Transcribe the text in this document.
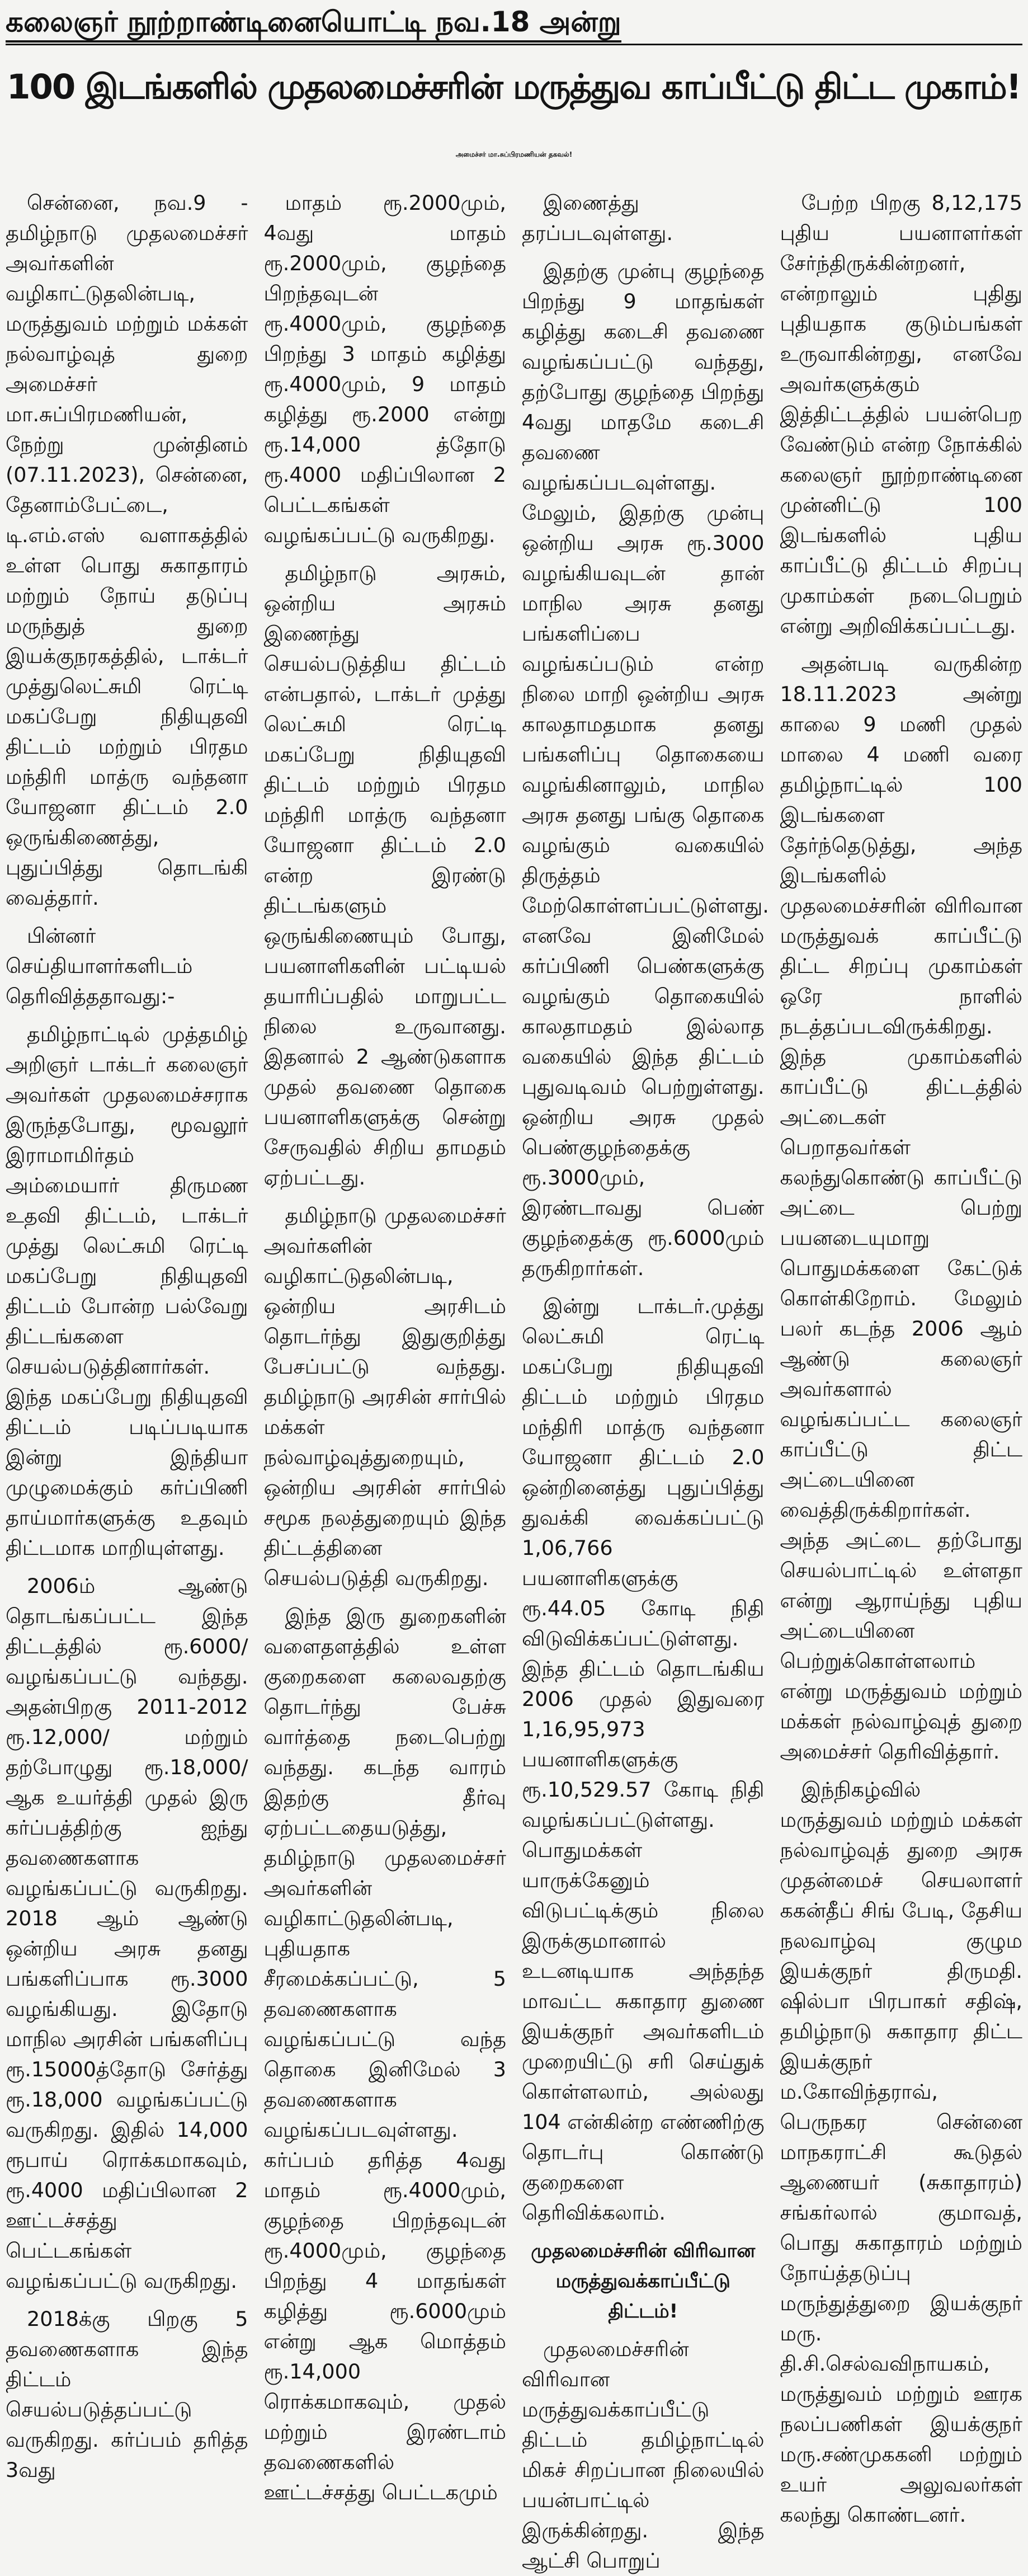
கலைஞர் நூற்றாண்டினையொட்டி நவ.18 அன்று
100 இடங்களில் முதலமைச்சரின் மருத்துவ காப்பீட்டு திட்ட முகாம்!
அமைச்சர் மா.சுப்பிரமணியன் தகவல்!

சென்னை, நவ.9 - தமிழ்நாடு முதலமைச்சர் அவர்களின் வழிகாட்டுதலின்படி, மருத்துவம் மற்றும் மக்கள் நல்வாழ்வுத் துறை அமைச்சர் மா.சுப்பிரமணியன், நேற்று முன்தினம் (07.11.2023), சென்னை, தேனாம்பேட்டை, டி.எம்.எஸ் வளாகத்தில் உள்ள பொது சுகாதாரம் மற்றும் நோய் தடுப்பு மருந்துத் துறை இயக்குநரகத்தில், டாக்டர் முத்துலெட்சுமி ரெட்டி மகப்பேறு நிதியுதவி திட்டம் மற்றும் பிரதம மந்திரி மாத்ரு வந்தனா யோஜனா திட்டம் 2.0 ஒருங்கிணைத்து, புதுப்பித்து தொடங்கி வைத்தார்.

பின்னர் செய்தியாளர்களிடம் தெரிவித்ததாவது:-

தமிழ்நாட்டில் முத்தமிழ் அறிஞர் டாக்டர் கலைஞர் அவர்கள் முதலமைச்சராக இருந்தபோது, மூவலூர் இராமாமிர்தம் அம்மையார் திருமண உதவி திட்டம், டாக்டர் முத்து லெட்சுமி ரெட்டி மகப்பேறு நிதியுதவி திட்டம் போன்ற பல்வேறு திட்டங்களை செயல்படுத்தினார்கள். இந்த மகப்பேறு நிதியுதவி திட்டம் படிப்படியாக இன்று இந்தியா முழுமைக்கும் கர்ப்பிணி தாய்மார்களுக்கு உதவும் திட்டமாக மாறியுள்ளது.

2006ம் ஆண்டு தொடங்கப்பட்ட இந்த திட்டத்தில் ரூ.6000/ வழங்கப்பட்டு வந்தது. அதன்பிறகு 2011-2012 ரூ.12,000/ மற்றும் தற்போழுது ரூ.18,000/ ஆக உயர்த்தி முதல் இரு கர்ப்பத்திற்கு ஐந்து தவணைகளாக வழங்கப்பட்டு வருகிறது. 2018 ஆம் ஆண்டு ஒன்றிய அரசு தனது பங்களிப்பாக ரூ.3000 வழங்கியது. இதோடு மாநில அரசின் பங்களிப்பு ரூ.15000த்தோடு சேர்த்து ரூ.18,000 வழங்கப்பட்டு வருகிறது. இதில் 14,000 ரூபாய் ரொக்கமாகவும், ரூ.4000 மதிப்பிலான 2 ஊட்டச்சத்து பெட்டகங்கள் வழங்கப்பட்டு வருகிறது.

2018க்கு பிறகு 5 தவணைகளாக இந்த திட்டம் செயல்படுத்தப்பட்டு வருகிறது. கர்ப்பம் தரித்த 3வது

மாதம் ரூ.2000மும், 4வது மாதம் ரூ.2000மும், குழந்தை பிறந்தவுடன் ரூ.4000மும், குழந்தை பிறந்து 3 மாதம் கழித்து ரூ.4000மும், 9 மாதம் கழித்து ரூ.2000 என்று ரூ.14,000 த்தோடு ரூ.4000 மதிப்பிலான 2 பெட்டகங்கள் வழங்கப்பட்டு வருகிறது.

தமிழ்நாடு அரசும், ஒன்றிய அரசும் இணைந்து செயல்படுத்திய திட்டம் என்பதால், டாக்டர் முத்து லெட்சுமி ரெட்டி மகப்பேறு நிதியுதவி திட்டம் மற்றும் பிரதம மந்திரி மாத்ரு வந்தனா யோஜனா திட்டம் 2.0 என்ற இரண்டு திட்டங்களும் ஒருங்கிணையும் போது, பயனாளிகளின் பட்டியல் தயாரிப்பதில் மாறுபட்ட நிலை உருவானது. இதனால் 2 ஆண்டுகளாக முதல் தவணை தொகை பயனாளிகளுக்கு சென்று சேருவதில் சிறிய தாமதம் ஏற்பட்டது.

தமிழ்நாடு முதலமைச்சர் அவர்களின் வழிகாட்டுதலின்படி, ஒன்றிய அரசிடம் தொடர்ந்து இதுகுறித்து பேசப்பட்டு வந்தது. தமிழ்நாடு அரசின் சார்பில் மக்கள் நல்வாழ்வுத்துறையும், ஒன்றிய அரசின் சார்பில் சமூக நலத்துறையும் இந்த திட்டத்தினை செயல்படுத்தி வருகிறது.

இந்த இரு துறைகளின் வளைதளத்தில் உள்ள குறைகளை கலைவதற்கு தொடர்ந்து பேச்சு வார்த்தை நடைபெற்று வந்தது. கடந்த வாரம் இதற்கு தீர்வு ஏற்பட்டதையடுத்து, தமிழ்நாடு முதலமைச்சர் அவர்களின் வழிகாட்டுதலின்படி, புதியதாக சீரமைக்கப்பட்டு, 5 தவணைகளாக வழங்கப்பட்டு வந்த தொகை இனிமேல் 3 தவணைகளாக வழங்கப்படவுள்ளது. கர்ப்பம் தரித்த 4வது மாதம் ரூ.4000மும், குழந்தை பிறந்தவுடன் ரூ.4000மும், குழந்தை பிறந்து 4 மாதங்கள் கழித்து ரூ.6000மும் என்று ஆக மொத்தம் ரூ.14,000 ரொக்கமாகவும், முதல் மற்றும் இரண்டாம் தவணைகளில் ஊட்டச்சத்து பெட்டகமும்

இணைத்து தரப்படவுள்ளது.

இதற்கு முன்பு குழந்தை பிறந்து 9 மாதங்கள் கழித்து கடைசி தவணை வழங்கப்பட்டு வந்தது, தற்போது குழந்தை பிறந்து 4வது மாதமே கடைசி தவணை வழங்கப்படவுள்ளது. மேலும், இதற்கு முன்பு ஒன்றிய அரசு ரூ.3000 வழங்கியவுடன் தான் மாநில அரசு தனது பங்களிப்பை வழங்கப்படும் என்ற நிலை மாறி ஒன்றிய அரசு காலதாமதமாக தனது பங்களிப்பு தொகையை வழங்கினாலும், மாநில அரசு தனது பங்கு தொகை வழங்கும் வகையில் திருத்தம் மேற்கொள்ளப்பட்டுள்ளது. எனவே இனிமேல் கர்ப்பிணி பெண்களுக்கு வழங்கும் தொகையில் காலதாமதம் இல்லாத வகையில் இந்த திட்டம் புதுவடிவம் பெற்றுள்ளது. ஒன்றிய அரசு முதல் பெண்குழந்தைக்கு ரூ.3000மும், இரண்டாவது பெண் குழந்தைக்கு ரூ.6000மும் தருகிறார்கள்.

இன்று டாக்டர்.முத்து லெட்சுமி ரெட்டி மகப்பேறு நிதியுதவி திட்டம் மற்றும் பிரதம மந்திரி மாத்ரு வந்தனா யோஜனா திட்டம் 2.0 ஒன்றினைத்து புதுப்பித்து துவக்கி வைக்கப்பட்டு 1,06,766 பயனாளிகளுக்கு ரூ.44.05 கோடி நிதி விடுவிக்கப்பட்டுள்ளது. இந்த திட்டம் தொடங்கிய 2006 முதல் இதுவரை 1,16,95,973 பயனாளிகளுக்கு ரூ.10,529.57 கோடி நிதி வழங்கப்பட்டுள்ளது. பொதுமக்கள் யாருக்கேனும் விடுபட்டிக்கும் நிலை இருக்குமானால் உடனடியாக அந்தந்த மாவட்ட சுகாதார துணை இயக்குநர் அவர்களிடம் முறையிட்டு சரி செய்துக் கொள்ளலாம், அல்லது 104 என்கின்ற எண்ணிற்கு தொடர்பு கொண்டு குறைகளை தெரிவிக்கலாம்.

முதலமைச்சரின் விரிவான மருத்துவக்காப்பீட்டு திட்டம்!

முதலமைச்சரின் விரிவான மருத்துவக்காப்பீட்டு திட்டம் தமிழ்நாட்டில் மிகச் சிறப்பான நிலையில் பயன்பாட்டில் இருக்கின்றது. இந்த ஆட்சி பொறுப்

பேற்ற பிறகு 8,12,175 புதிய பயனாளர்கள் சேர்ந்திருக்கின்றனர், என்றாலும் புதிது புதியதாக குடும்பங்கள் உருவாகின்றது, எனவே அவர்களுக்கும் இத்திட்டத்தில் பயன்பெற வேண்டும் என்ற நோக்கில் கலைஞர் நூற்றாண்டினை முன்னிட்டு 100 இடங்களில் புதிய காப்பீட்டு திட்டம் சிறப்பு முகாம்கள் நடைபெறும் என்று அறிவிக்கப்பட்டது.

அதன்படி வருகின்ற 18.11.2023 அன்று காலை 9 மணி முதல் மாலை 4 மணி வரை தமிழ்நாட்டில் 100 இடங்களை தேர்ந்தெடுத்து, அந்த இடங்களில் முதலமைச்சரின் விரிவான மருத்துவக் காப்பீட்டு திட்ட சிறப்பு முகாம்கள் ஒரே நாளில் நடத்தப்படவிருக்கிறது. இந்த முகாம்களில் காப்பீட்டு திட்டத்தில் அட்டைகள் பெறாதவர்கள் கலந்துகொண்டு காப்பீட்டு அட்டை பெற்று பயனடையுமாறு பொதுமக்களை கேட்டுக் கொள்கிறோம். மேலும் பலர் கடந்த 2006 ஆம் ஆண்டு கலைஞர் அவர்களால் வழங்கப்பட்ட கலைஞர் காப்பீட்டு திட்ட அட்டையினை வைத்திருக்கிறார்கள். அந்த அட்டை தற்போது செயல்பாட்டில் உள்ளதா என்று ஆராய்ந்து புதிய அட்டையினை பெற்றுக்கொள்ளலாம் என்று மருத்துவம் மற்றும் மக்கள் நல்வாழ்வுத் துறை அமைச்சர் தெரிவித்தார்.

இந்நிகழ்வில் மருத்துவம் மற்றும் மக்கள் நல்வாழ்வுத் துறை அரசு முதன்மைச் செயலாளர் ககன்தீப் சிங் பேடி, தேசிய நலவாழ்வு குழும இயக்குநர் திருமதி. ஷில்பா பிரபாகர் சதிஷ், தமிழ்நாடு சுகாதார திட்ட இயக்குநர் ம.கோவிந்தராவ், பெருநகர சென்னை மாநகராட்சி கூடுதல் ஆணையர் (சுகாதாரம்) சங்கர்லால் குமாவத், பொது சுகாதாரம் மற்றும் நோய்த்தடுப்பு மருந்துத்துறை இயக்குநர் மரு. தி.சி.செல்வவிநாயகம், மருத்துவம் மற்றும் ஊரக நலப்பணிகள் இயக்குநர் மரு.சண்முககனி மற்றும் உயர் அலுவலர்கள் கலந்து கொண்டனர்.
